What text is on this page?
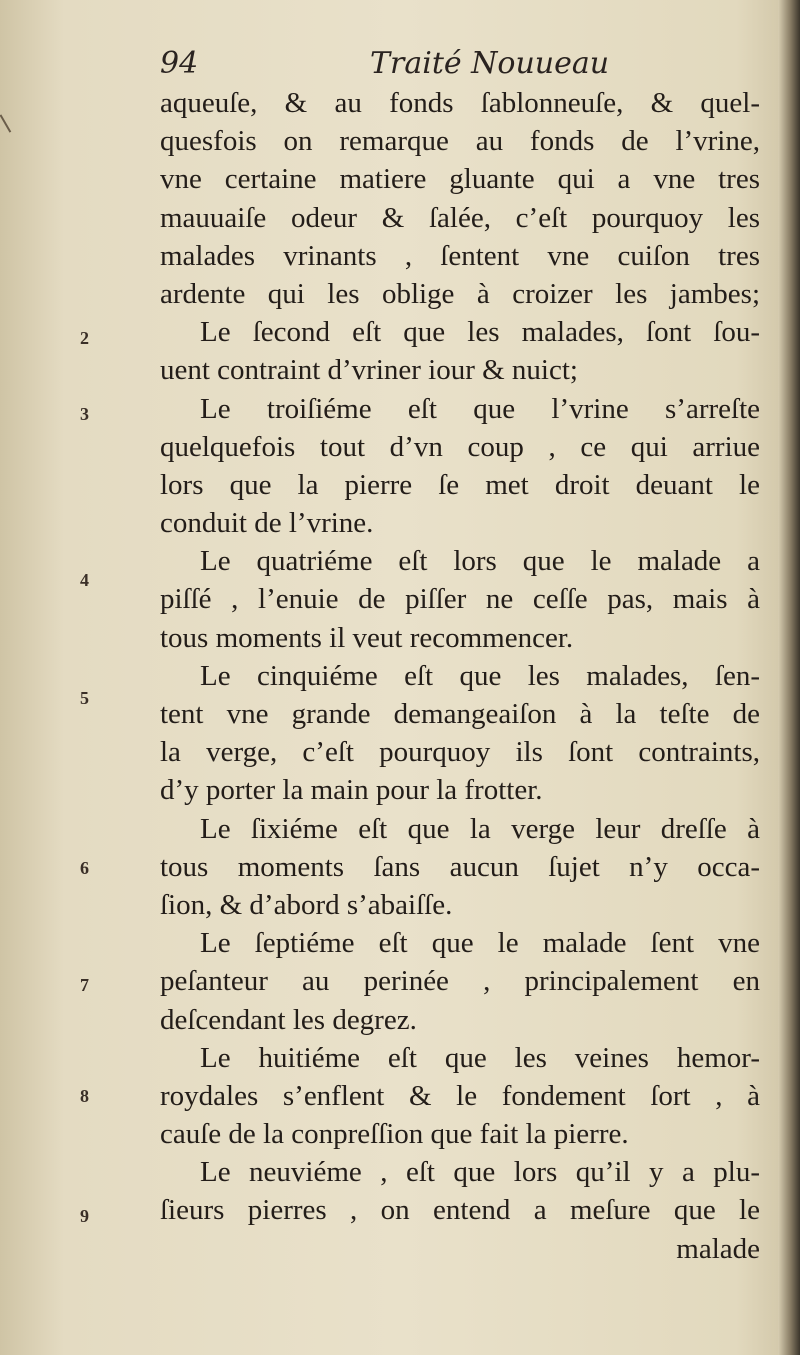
94	Traité Nouueau
2
3
4
5
6
7
8
9
aqueuſe, & au fonds ſablonneuſe, & quel-
quesfois on remarque au fonds de l’vrine,
vne certaine matiere gluante qui a vne tres
mauuaiſe odeur & ſalée, c’eſt pourquoy les
malades vrinants , ſentent vne cuiſon tres
ardente qui les oblige à croizer les jambes;
Le ſecond eſt que les malades, ſont ſou-
uent contraint d’vriner iour & nuict;
Le troiſiéme eſt que l’vrine s’arreſte
quelquefois tout d’vn coup , ce qui arriue
lors que la pierre ſe met droit deuant le
conduit de l’vrine.
Le quatriéme eſt lors que le malade a
piſſé , l’enuie de piſſer ne ceſſe pas, mais à
tous moments il veut recommencer.
Le cinquiéme eſt que les malades, ſen-
tent vne grande demangeaiſon à la teſte de
la verge, c’eſt pourquoy ils ſont contraints,
d’y porter la main pour la frotter.
Le ſixiéme eſt que la verge leur dreſſe à
tous moments ſans aucun ſujet n’y occa-
ſion, & d’abord s’abaiſſe.
Le ſeptiéme eſt que le malade ſent vne
peſanteur au perinée , principalement en
deſcendant les degrez.
Le huitiéme eſt que les veines hemor-
roydales s’enflent & le fondement ſort , à
cauſe de la conpreſſion que fait la pierre.
Le neuviéme , eſt que lors qu’il y a plu-
ſieurs pierres , on entend a meſure que le
malade
